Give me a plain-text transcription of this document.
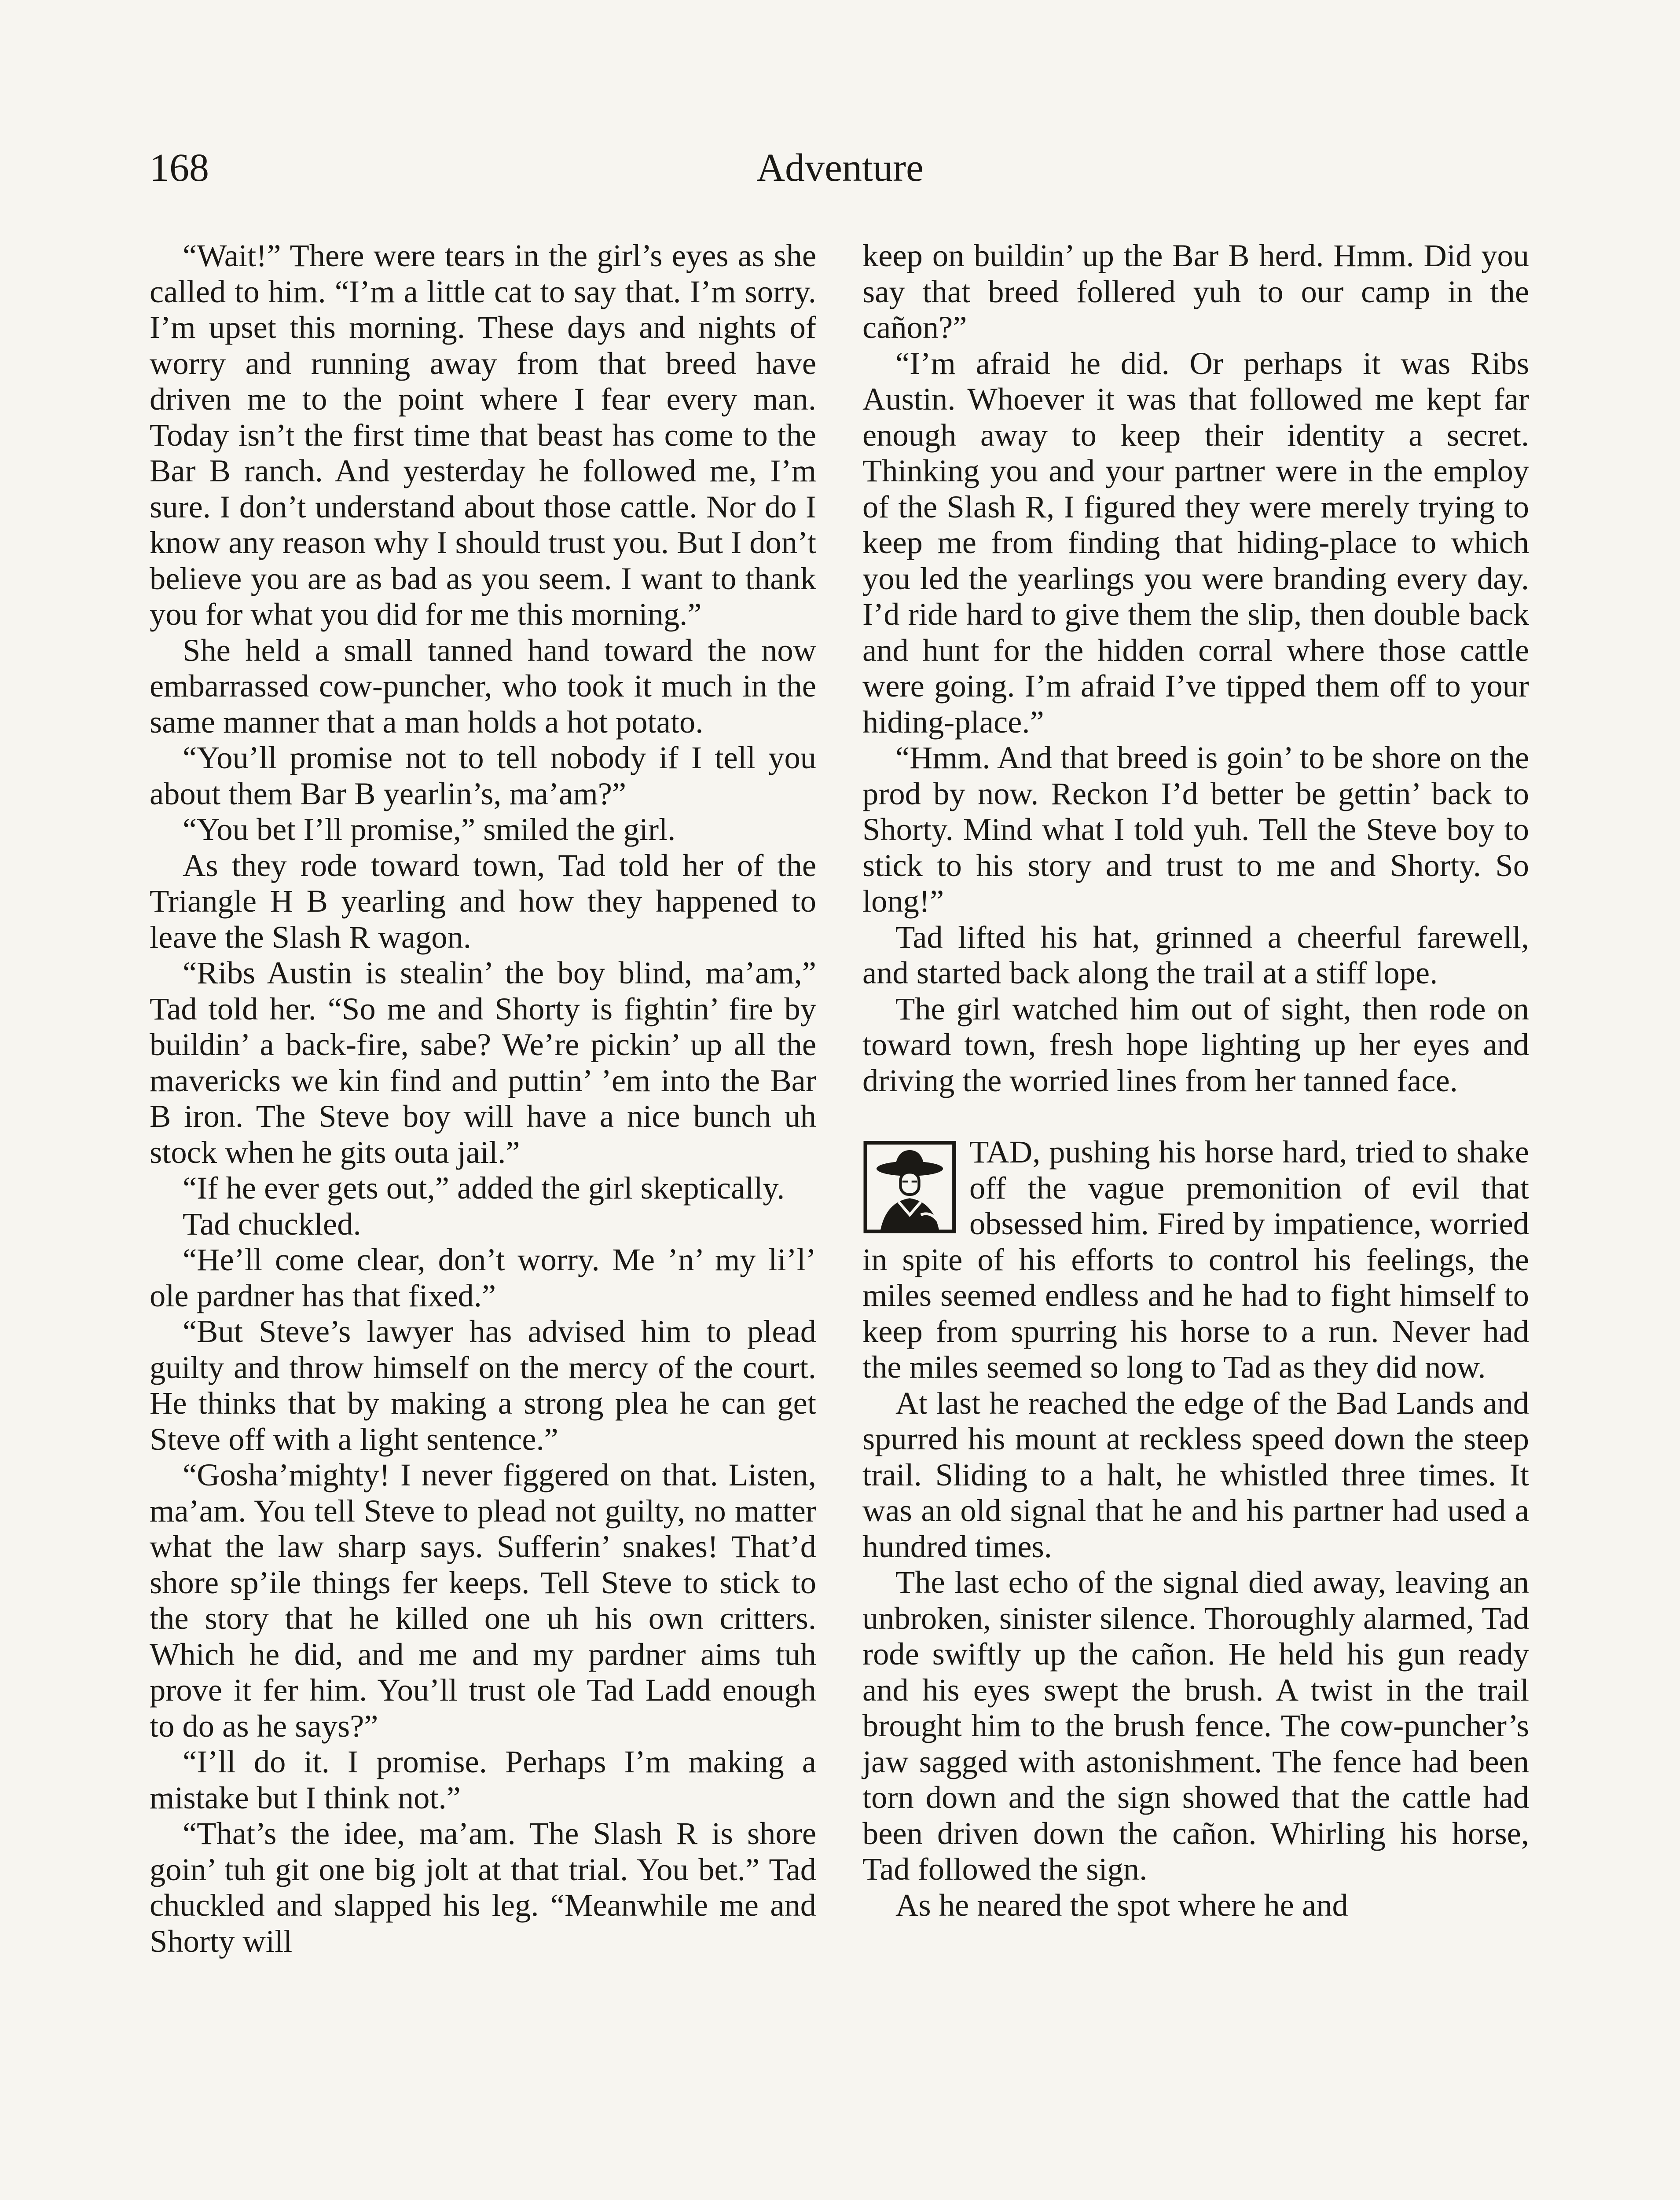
168	Adventure

“Wait!” There were tears in the girl’s eyes as she called to him. “I’m a little cat to say that. I’m sorry. I’m upset this morning. These days and nights of worry and running away from that breed have driven me to the point where I fear every man. Today isn’t the first time that beast has come to the Bar B ranch. And yesterday he followed me, I’m sure. I don’t understand about those cattle. Nor do I know any reason why I should trust you. But I don’t believe you are as bad as you seem. I want to thank you for what you did for me this morning.”

She held a small tanned hand toward the now embarrassed cow-puncher, who took it much in the same manner that a man holds a hot potato.

“You’ll promise not to tell nobody if I tell you about them Bar B yearlin’s, ma’am?”

“You bet I’ll promise,” smiled the girl.

As they rode toward town, Tad told her of the Triangle H B yearling and how they happened to leave the Slash R wagon.

“Ribs Austin is stealin’ the boy blind, ma’am,” Tad told her. “So me and Shorty is fightin’ fire by buildin’ a back-fire, sabe? We’re pickin’ up all the mavericks we kin find and puttin’ ’em into the Bar B iron. The Steve boy will have a nice bunch uh stock when he gits outa jail.”

“If he ever gets out,” added the girl skeptically.

Tad chuckled.

“He’ll come clear, don’t worry. Me ’n’ my li’l’ ole pardner has that fixed.”

“But Steve’s lawyer has advised him to plead guilty and throw himself on the mercy of the court. He thinks that by making a strong plea he can get Steve off with a light sentence.”

“Gosha’mighty! I never figgered on that. Listen, ma’am. You tell Steve to plead not guilty, no matter what the law sharp says. Sufferin’ snakes! That’d shore sp’ile things fer keeps. Tell Steve to stick to the story that he killed one uh his own critters. Which he did, and me and my pardner aims tuh prove it fer him. You’ll trust ole Tad Ladd enough to do as he says?”

“I’ll do it. I promise. Perhaps I’m making a mistake but I think not.”

“That’s the idee, ma’am. The Slash R is shore goin’ tuh git one big jolt at that trial. You bet.” Tad chuckled and slapped his leg. “Meanwhile me and Shorty will

keep on buildin’ up the Bar B herd. Hmm. Did you say that breed follered yuh to our camp in the cañon?”

“I’m afraid he did. Or perhaps it was Ribs Austin. Whoever it was that followed me kept far enough away to keep their identity a secret. Thinking you and your partner were in the employ of the Slash R, I figured they were merely trying to keep me from finding that hiding-place to which you led the yearlings you were branding every day. I’d ride hard to give them the slip, then double back and hunt for the hidden corral where those cattle were going. I’m afraid I’ve tipped them off to your hiding-place.”

“Hmm. And that breed is goin’ to be shore on the prod by now. Reckon I’d better be gettin’ back to Shorty. Mind what I told yuh. Tell the Steve boy to stick to his story and trust to me and Shorty. So long!”

Tad lifted his hat, grinned a cheerful farewell, and started back along the trail at a stiff lope.

The girl watched him out of sight, then rode on toward town, fresh hope lighting up her eyes and driving the worried lines from her tanned face.

TAD, pushing his horse hard, tried to shake off the vague premonition of evil that obsessed him. Fired by impatience, worried in spite of his efforts to control his feelings, the miles seemed endless and he had to fight himself to keep from spurring his horse to a run. Never had the miles seemed so long to Tad as they did now.

At last he reached the edge of the Bad Lands and spurred his mount at reckless speed down the steep trail. Sliding to a halt, he whistled three times. It was an old signal that he and his partner had used a hundred times.

The last echo of the signal died away, leaving an unbroken, sinister silence. Thoroughly alarmed, Tad rode swiftly up the cañon. He held his gun ready and his eyes swept the brush. A twist in the trail brought him to the brush fence. The cow-puncher’s jaw sagged with astonishment. The fence had been torn down and the sign showed that the cattle had been driven down the cañon. Whirling his horse, Tad followed the sign.

As he neared the spot where he and
